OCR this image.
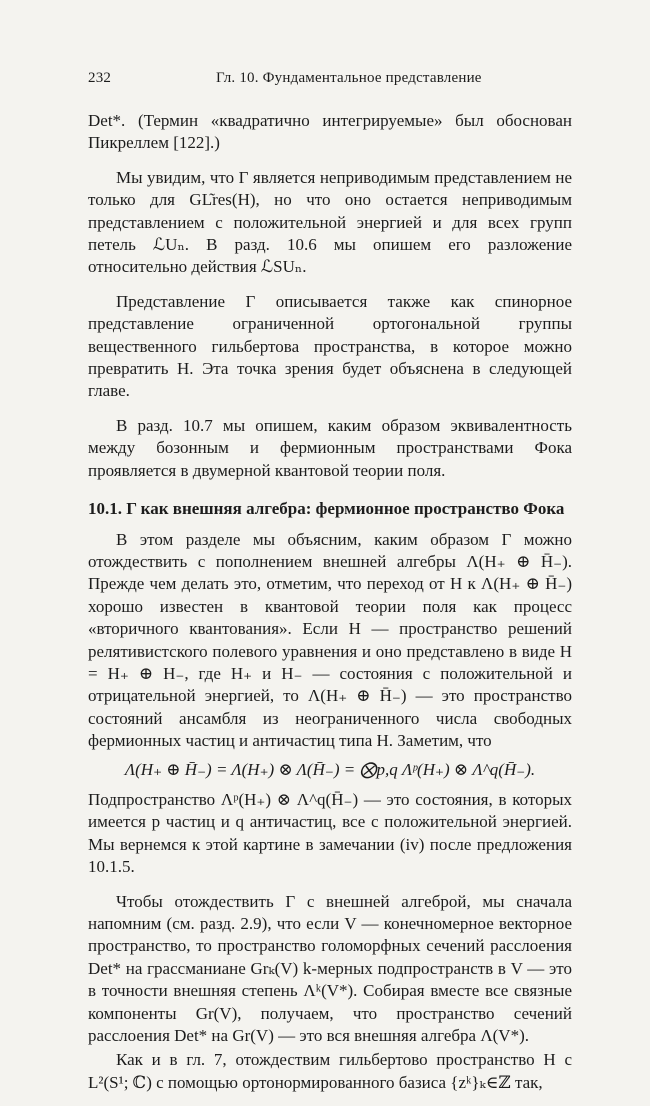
232	Гл. 10. Фундаментальное представление

Det*. (Термин «квадратично интегрируемые» был обоснован Пикреллем [122].)

Мы увидим, что Γ является неприводимым представлением не только для GL͂res(H), но что оно остается неприводимым представлением с положительной энергией и для всех групп петель ℒUₙ. В разд. 10.6 мы опишем его разложение относительно действия ℒSUₙ.

Представление Γ описывается также как спинорное представление ограниченной ортогональной группы вещественного гильбертова пространства, в которое можно превратить H. Эта точка зрения будет объяснена в следующей главе.

В разд. 10.7 мы опишем, каким образом эквивалентность между бозонным и фермионным пространствами Фока проявляется в двумерной квантовой теории поля.

10.1. Γ как внешняя алгебра: фермионное пространство Фока

В этом разделе мы объясним, каким образом Γ можно отождествить с пополнением внешней алгебры Λ(H₊ ⊕ H̄₋). Прежде чем делать это, отметим, что переход от H к Λ(H₊ ⊕ H̄₋) хорошо известен в квантовой теории поля как процесс «вторичного квантования». Если H — пространство решений релятивистского полевого уравнения и оно представлено в виде H = H₊ ⊕ H₋, где H₊ и H₋ — состояния с положительной и отрицательной энергией, то Λ(H₊ ⊕ H̄₋) — это пространство состояний ансамбля из неограниченного числа свободных фермионных частиц и античастиц типа H. Заметим, что

Λ(H₊ ⊕ H̄₋) = Λ(H₊) ⊗ Λ(H̄₋) = ⨂p,q Λᵖ(H₊) ⊗ Λ^q(H̄₋).

Подпространство Λᵖ(H₊) ⊗ Λ^q(H̄₋) — это состояния, в которых имеется p частиц и q античастиц, все с положительной энергией. Мы вернемся к этой картине в замечании (iv) после предложения 10.1.5.

Чтобы отождествить Γ с внешней алгеброй, мы сначала напомним (см. разд. 2.9), что если V — конечномерное векторное пространство, то пространство голоморфных сечений расслоения Det* на грассманиане Grₖ(V) k-мерных подпространств в V — это в точности внешняя степень Λᵏ(V*). Собирая вместе все связные компоненты Gr(V), получаем, что пространство сечений расслоения Det* на Gr(V) — это вся внешняя алгебра Λ(V*).

Как и в гл. 7, отождествим гильбертово пространство H с L²(S¹; ℂ) с помощью ортонормированного базиса {zᵏ}ₖ∈ℤ так,
